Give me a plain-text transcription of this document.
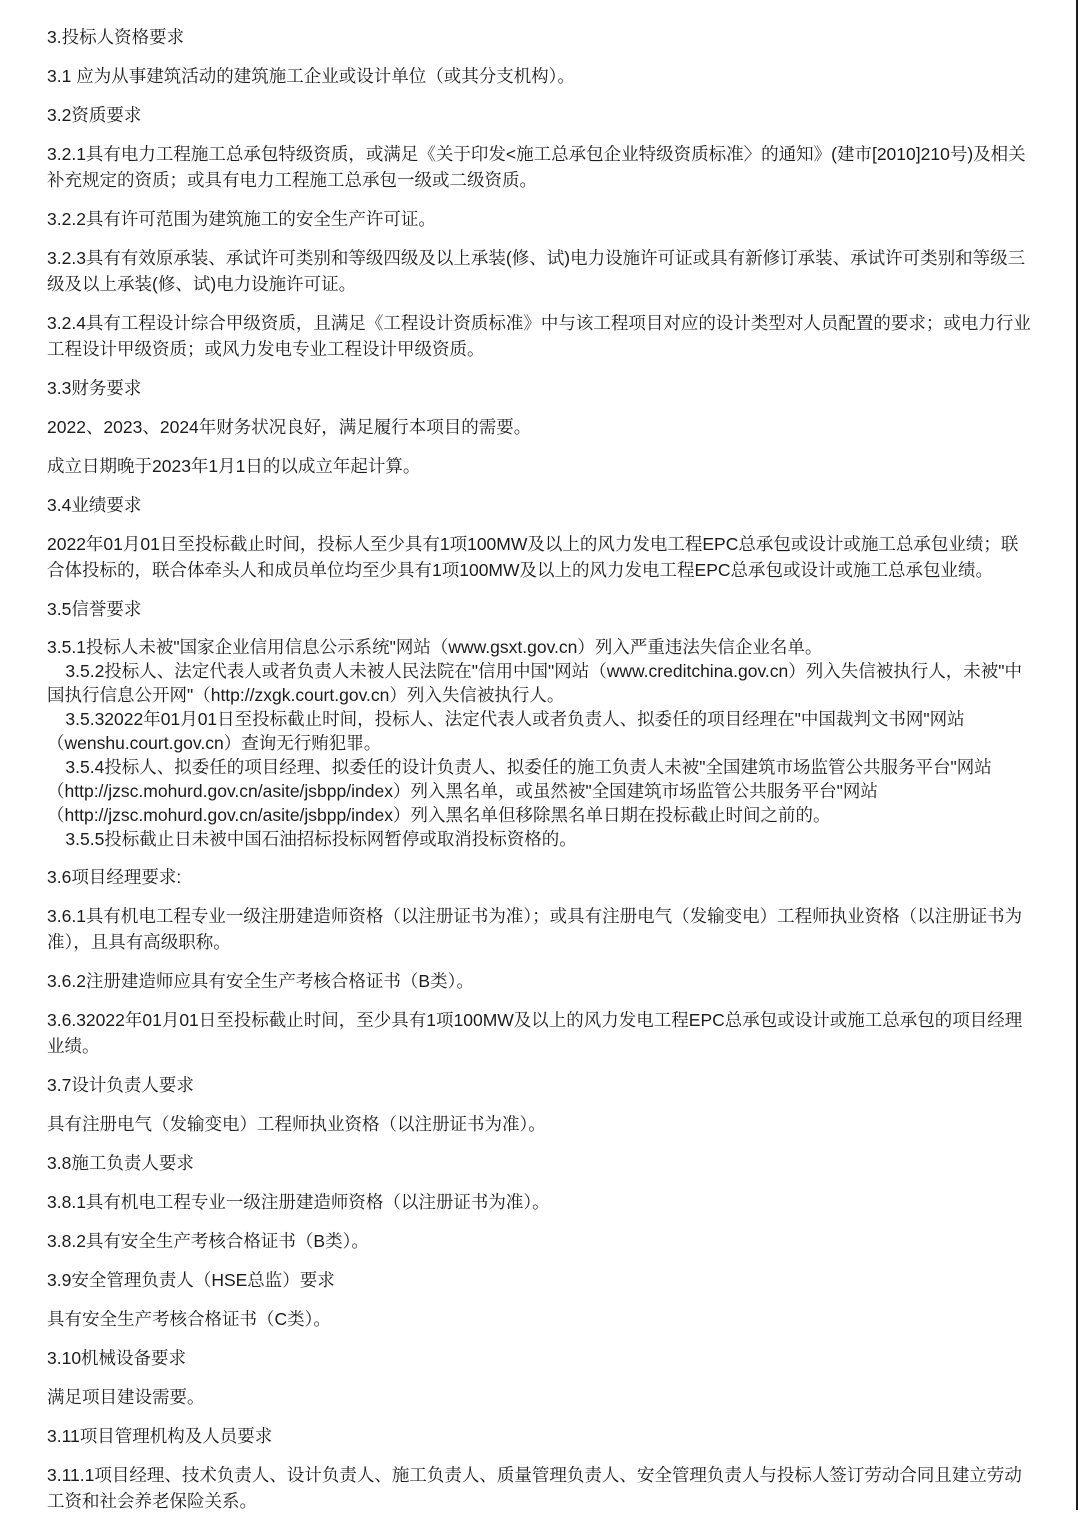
3.投标人资格要求

3.1 应为从事建筑活动的建筑施工企业或设计单位（或其分支机构）。

3.2资质要求

3.2.1具有电力工程施工总承包特级资质，或满足《关于印发<施工总承包企业特级资质标准〉的通知》(建市[2010]210号)及相关补充规定的资质；或具有电力工程施工总承包一级或二级资质。

3.2.2具有许可范围为建筑施工的安全生产许可证。

3.2.3具有有效原承装、承试许可类别和等级四级及以上承装(修、试)电力设施许可证或具有新修订承装、承试许可类别和等级三级及以上承装(修、试)电力设施许可证。

3.2.4具有工程设计综合甲级资质，且满足《工程设计资质标准》中与该工程项目对应的设计类型对人员配置的要求；或电力行业工程设计甲级资质；或风力发电专业工程设计甲级资质。

3.3财务要求

2022、2023、2024年财务状况良好，满足履行本项目的需要。

成立日期晚于2023年1月1日的以成立年起计算。

3.4业绩要求

2022年01月01日至投标截止时间，投标人至少具有1项100MW及以上的风力发电工程EPC总承包或设计或施工总承包业绩；联合体投标的，联合体牵头人和成员单位均至少具有1项100MW及以上的风力发电工程EPC总承包或设计或施工总承包业绩。

3.5信誉要求

3.5.1投标人未被"国家企业信用信息公示系统"网站（www.gsxt.gov.cn）列入严重违法失信企业名单。

3.5.2投标人、法定代表人或者负责人未被人民法院在"信用中国"网站（www.creditchina.gov.cn）列入失信被执行人，未被"中国执行信息公开网"（http://zxgk.court.gov.cn）列入失信被执行人。

3.5.32022年01月01日至投标截止时间，投标人、法定代表人或者负责人、拟委任的项目经理在"中国裁判文书网"网站（wenshu.court.gov.cn）查询无行贿犯罪。

3.5.4投标人、拟委任的项目经理、拟委任的设计负责人、拟委任的施工负责人未被"全国建筑市场监管公共服务平台"网站（http://jzsc.mohurd.gov.cn/asite/jsbpp/index）列入黑名单，或虽然被"全国建筑市场监管公共服务平台"网站（http://jzsc.mohurd.gov.cn/asite/jsbpp/index）列入黑名单但移除黑名单日期在投标截止时间之前的。

3.5.5投标截止日未被中国石油招标投标网暂停或取消投标资格的。

3.6项目经理要求:

3.6.1具有机电工程专业一级注册建造师资格（以注册证书为准）；或具有注册电气（发输变电）工程师执业资格（以注册证书为准），且具有高级职称。

3.6.2注册建造师应具有安全生产考核合格证书（B类）。

3.6.32022年01月01日至投标截止时间，至少具有1项100MW及以上的风力发电工程EPC总承包或设计或施工总承包的项目经理业绩。

3.7设计负责人要求

具有注册电气（发输变电）工程师执业资格（以注册证书为准）。

3.8施工负责人要求

3.8.1具有机电工程专业一级注册建造师资格（以注册证书为准）。

3.8.2具有安全生产考核合格证书（B类）。

3.9安全管理负责人（HSE总监）要求

具有安全生产考核合格证书（C类）。

3.10机械设备要求

满足项目建设需要。

3.11项目管理机构及人员要求

3.11.1项目经理、技术负责人、设计负责人、施工负责人、质量管理负责人、安全管理负责人与投标人签订劳动合同且建立劳动工资和社会养老保险关系。
